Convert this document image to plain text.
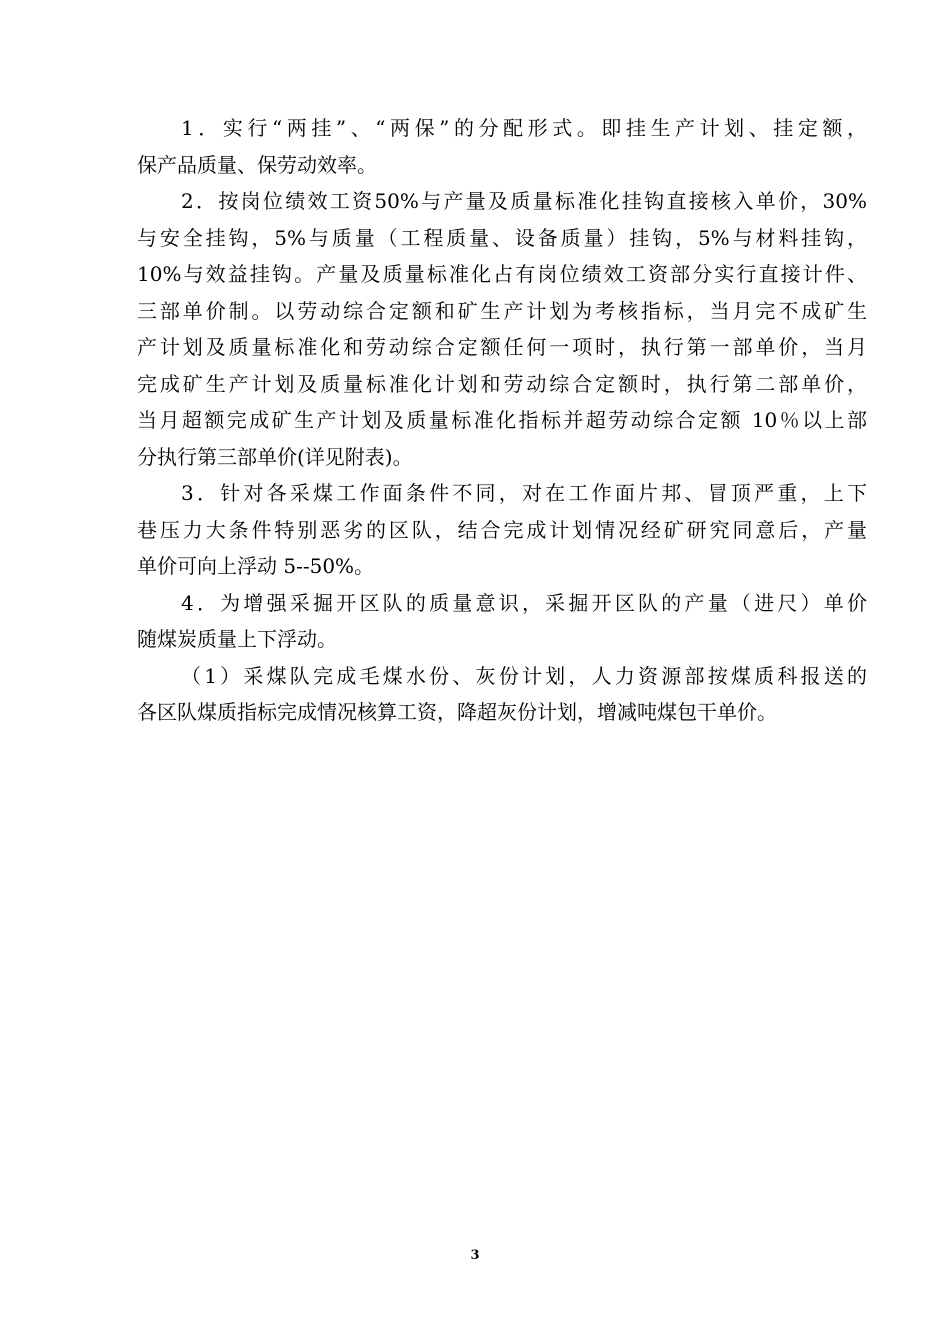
1．实行“两挂”、“两保”的分配形式。即挂生产计划、挂定额，
保产品质量、保劳动效率。
2．按岗位绩效工资50%与产量及质量标准化挂钩直接核入单价，30%
与安全挂钩，5%与质量（工程质量、设备质量）挂钩，5%与材料挂钩，
10%与效益挂钩。产量及质量标准化占有岗位绩效工资部分实行直接计件、
三部单价制。以劳动综合定额和矿生产计划为考核指标，当月完不成矿生
产计划及质量标准化和劳动综合定额任何一项时，执行第一部单价，当月
完成矿生产计划及质量标准化计划和劳动综合定额时，执行第二部单价，
当月超额完成矿生产计划及质量标准化指标并超劳动综合定额 10％以上部
分执行第三部单价(详见附表)。
3．针对各采煤工作面条件不同，对在工作面片邦、冒顶严重，上下
巷压力大条件特别恶劣的区队，结合完成计划情况经矿研究同意后，产量
单价可向上浮动 5--50%。
4．为增强采掘开区队的质量意识，采掘开区队的产量（进尺）单价
随煤炭质量上下浮动。
（1）采煤队完成毛煤水份、灰份计划，人力资源部按煤质科报送的
各区队煤质指标完成情况核算工资，降超灰份计划，增减吨煤包干单价。
3
